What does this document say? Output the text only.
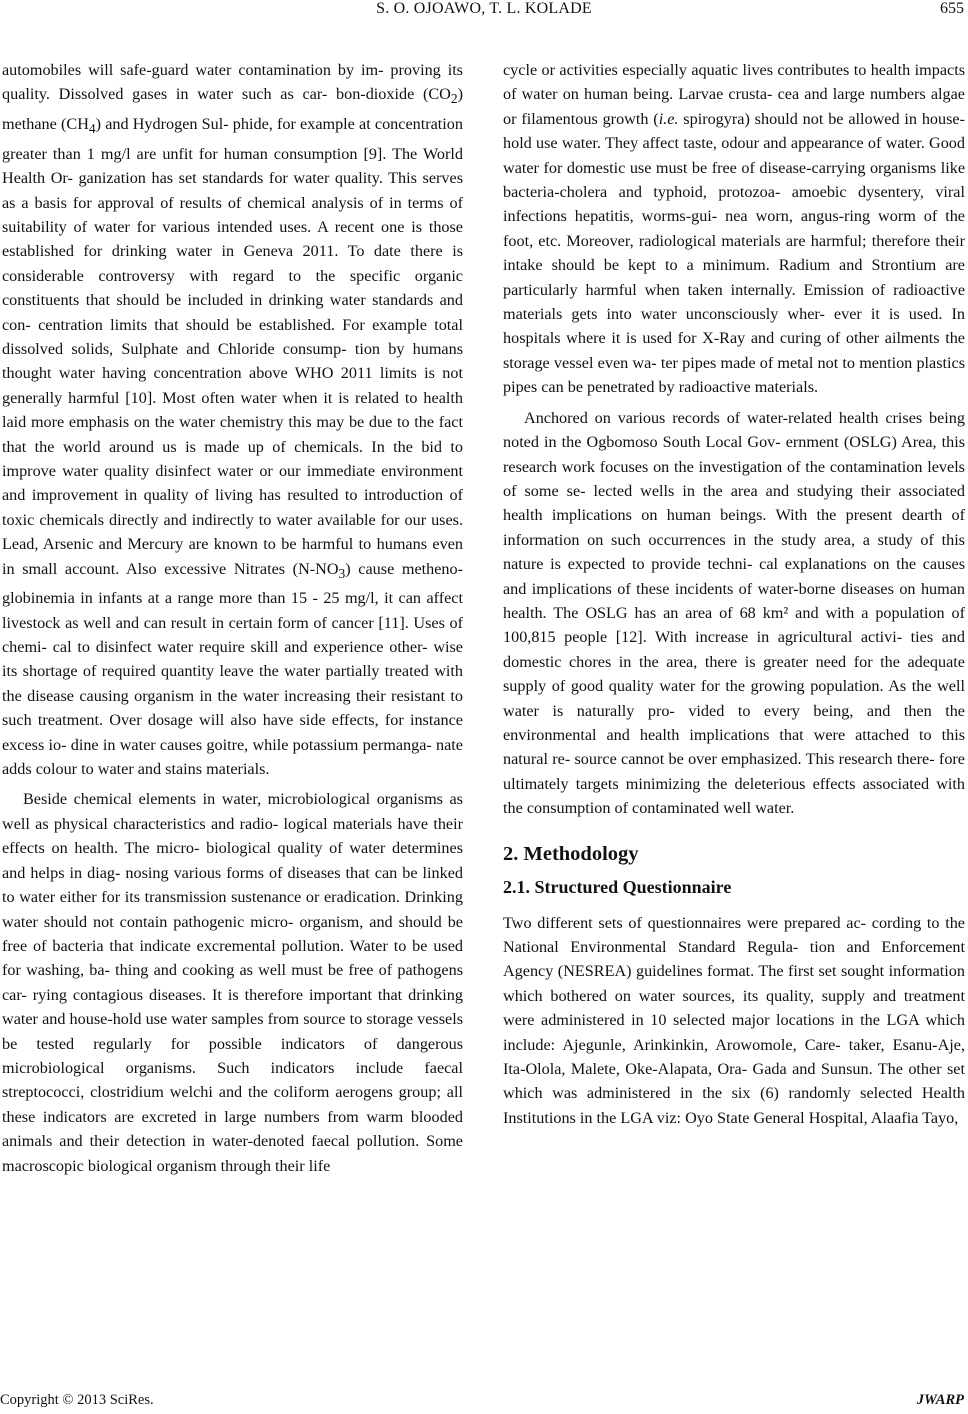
S. O. OJOAWO, T. L. KOLADE	655

automobiles will safe-guard water contamination by im- proving its quality. Dissolved gases in water such as car- bon-dioxide $(CO_2)$ methane $(CH_4)$ and Hydrogen Sul- phide, for example at concentration greater than 1 mg/l are unfit for human consumption [9]. The World Health Or- ganization has set standards for water quality. This serves as a basis for approval of results of chemical analysis of in terms of suitability of water for various intended uses. A recent one is those established for drinking water in Geneva 2011. To date there is considerable controversy with regard to the specific organic constituents that should be included in drinking water standards and con- centration limits that should be established. For example total dissolved solids, Sulphate and Chloride consump- tion by humans thought water having concentration above WHO 2011 limits is not generally harmful [10]. Most often water when it is related to health laid more emphasis on the water chemistry this may be due to the fact that the world around us is made up of chemicals. In the bid to improve water quality disinfect water or our immediate environment and improvement in quality of living has resulted to introduction of toxic chemicals directly and indirectly to water available for our uses. Lead, Arsenic and Mercury are known to be harmful to humans even in small account. Also excessive Nitrates $(N-NO_3)$ cause metheno-globinemia in infants at a range more than 15 - 25 mg/l, it can affect livestock as well and can result in certain form of cancer [11]. Uses of chemi- cal to disinfect water require skill and experience other- wise its shortage of required quantity leave the water partially treated with the disease causing organism in the water increasing their resistant to such treatment. Over dosage will also have side effects, for instance excess io- dine in water causes goitre, while potassium permanga- nate adds colour to water and stains materials.

Beside chemical elements in water, microbiological organisms as well as physical characteristics and radio- logical materials have their effects on health. The micro- biological quality of water determines and helps in diag- nosing various forms of diseases that can be linked to water either for its transmission sustenance or eradication. Drinking water should not contain pathogenic micro- organism, and should be free of bacteria that indicate excremental pollution. Water to be used for washing, ba- thing and cooking as well must be free of pathogens car- rying contagious diseases. It is therefore important that drinking water and house-hold use water samples from source to storage vessels be tested regularly for possible indicators of dangerous microbiological organisms. Such indicators include faecal streptococci, clostridium welchi and the coliform aerogens group; all these indicators are excreted in large numbers from warm blooded animals and their detection in water-denoted faecal pollution. Some macroscopic biological organism through their life

cycle or activities especially aquatic lives contributes to health impacts of water on human being. Larvae crusta- cea and large numbers algae or filamentous growth (i.e. spirogyra) should not be allowed in house-hold use water. They affect taste, odour and appearance of water. Good water for domestic use must be free of disease-carrying organisms like bacteria-cholera and typhoid, protozoa- amoebic dysentery, viral infections hepatitis, worms-gui- nea worn, angus-ring worm of the foot, etc. Moreover, radiological materials are harmful; therefore their intake should be kept to a minimum. Radium and Strontium are particularly harmful when taken internally. Emission of radioactive materials gets into water unconsciously wher- ever it is used. In hospitals where it is used for X-Ray and curing of other ailments the storage vessel even wa- ter pipes made of metal not to mention plastics pipes can be penetrated by radioactive materials.

Anchored on various records of water-related health crises being noted in the Ogbomoso South Local Gov- ernment (OSLG) Area, this research work focuses on the investigation of the contamination levels of some se- lected wells in the area and studying their associated health implications on human beings. With the present dearth of information on such occurrences in the study area, a study of this nature is expected to provide techni- cal explanations on the causes and implications of these incidents of water-borne diseases on human health. The OSLG has an area of 68 km² and with a population of 100,815 people [12]. With increase in agricultural activi- ties and domestic chores in the area, there is greater need for the adequate supply of good quality water for the growing population. As the well water is naturally pro- vided to every being, and then the environmental and health implications that were attached to this natural re- source cannot be over emphasized. This research there- fore ultimately targets minimizing the deleterious effects associated with the consumption of contaminated well water.

2. Methodology
2.1. Structured Questionnaire

Two different sets of questionnaires were prepared ac- cording to the National Environmental Standard Regula- tion and Enforcement Agency (NESREA) guidelines format. The first set sought information which bothered on water sources, its quality, supply and treatment were administered in 10 selected major locations in the LGA which include: Ajegunle, Arinkinkin, Arowomole, Care- taker, Esanu-Aje, Ita-Olola, Malete, Oke-Alapata, Ora- Gada and Sunsun. The other set which was administered in the six (6) randomly selected Health Institutions in the LGA viz: Oyo State General Hospital, Alaafia Tayo,

Copyright © 2013 SciRes.	JWARP
